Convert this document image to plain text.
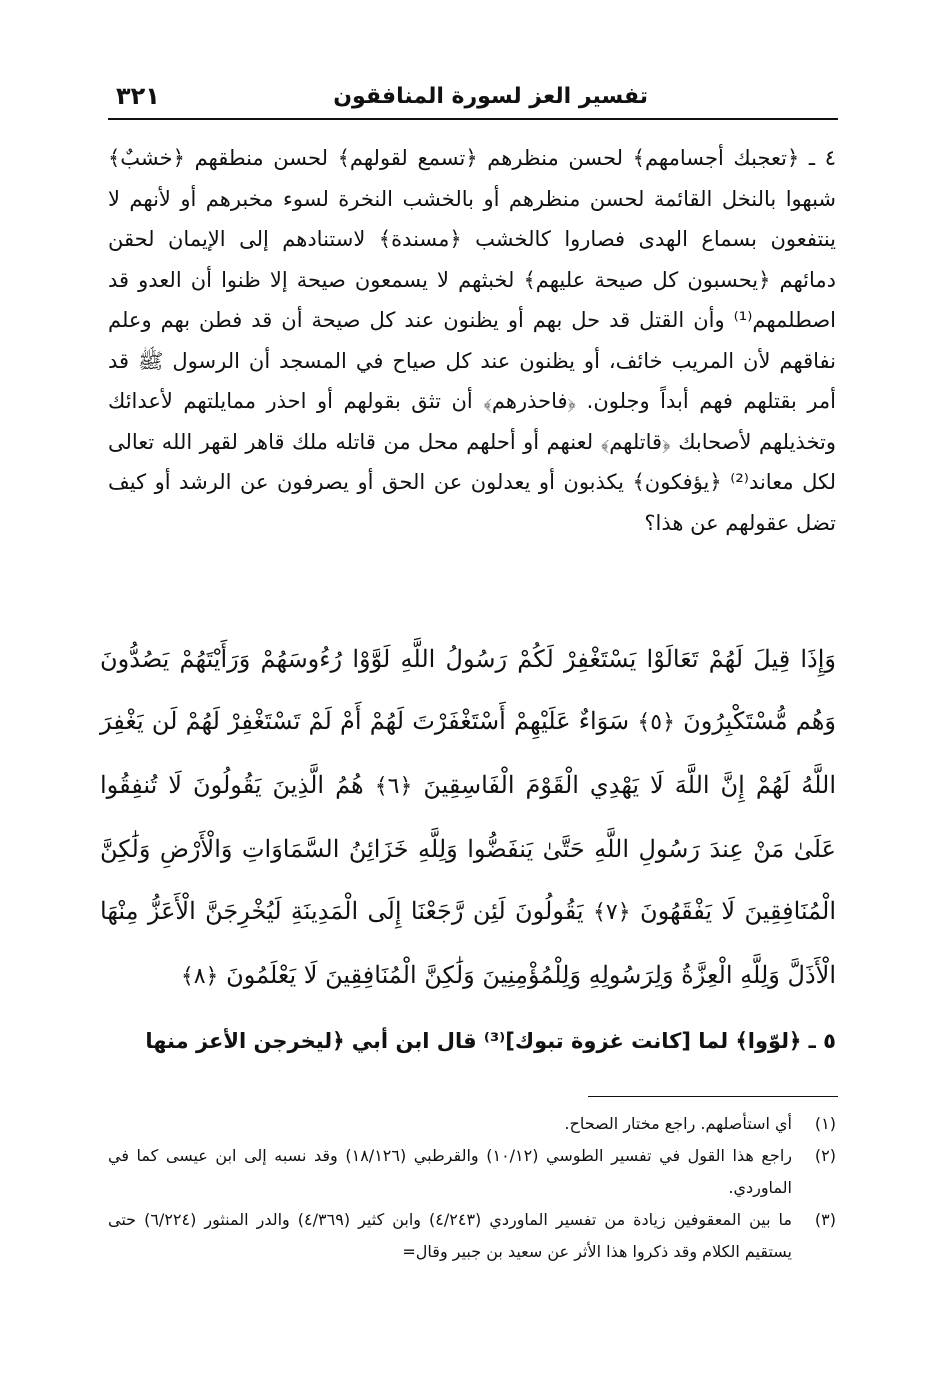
تفسير العز لسورة المنافقون
٣٢١

٤ ـ ﴿تعجبك أجسامهم﴾ لحسن منظرهم ﴿تسمع لقولهم﴾ لحسن منطقهم ﴿خشبٌ﴾ شبهوا بالنخل القائمة لحسن منظرهم أو بالخشب النخرة لسوء مخبرهم أو لأنهم لا ينتفعون بسماع الهدى فصاروا كالخشب ﴿مسندة﴾ لاستنادهم إلى الإيمان لحقن دمائهم ﴿يحسبون كل صيحة عليهم﴾ لخبثهم لا يسمعون صيحة إلا ظنوا أن العدو قد اصطلمهم⁽¹⁾ وأن القتل قد حل بهم أو يظنون عند كل صيحة أن قد فطن بهم وعلم نفاقهم لأن المريب خائف، أو يظنون عند كل صياح في المسجد أن الرسول ﷺ قد أمر بقتلهم فهم أبداً وجلون. ﴿فاحذرهم﴾ أن تثق بقولهم أو احذر ممايلتهم لأعدائك وتخذيلهم لأصحابك ﴿قاتلهم﴾ لعنهم أو أحلهم محل من قاتله ملك قاهر لقهر الله تعالى لكل معاند⁽²⁾ ﴿يؤفكون﴾ يكذبون أو يعدلون عن الحق أو يصرفون عن الرشد أو كيف تضل عقولهم عن هذا؟

وَإِذَا قِيلَ لَهُمْ تَعَالَوْا يَسْتَغْفِرْ لَكُمْ رَسُولُ اللَّهِ لَوَّوْا رُءُوسَهُمْ وَرَأَيْتَهُمْ يَصُدُّونَ وَهُم مُّسْتَكْبِرُونَ ﴿٥﴾ سَوَاءٌ عَلَيْهِمْ أَسْتَغْفَرْتَ لَهُمْ أَمْ لَمْ تَسْتَغْفِرْ لَهُمْ لَن يَغْفِرَ اللَّهُ لَهُمْ إِنَّ اللَّهَ لَا يَهْدِي الْقَوْمَ الْفَاسِقِينَ ﴿٦﴾ هُمُ الَّذِينَ يَقُولُونَ لَا تُنفِقُوا عَلَىٰ مَنْ عِندَ رَسُولِ اللَّهِ حَتَّىٰ يَنفَضُّوا وَلِلَّهِ خَزَائِنُ السَّمَاوَاتِ وَالْأَرْضِ وَلَٰكِنَّ الْمُنَافِقِينَ لَا يَفْقَهُونَ ﴿٧﴾ يَقُولُونَ لَئِن رَّجَعْنَا إِلَى الْمَدِينَةِ لَيُخْرِجَنَّ الْأَعَزُّ مِنْهَا الْأَذَلَّ وَلِلَّهِ الْعِزَّةُ وَلِرَسُولِهِ وَلِلْمُؤْمِنِينَ وَلَٰكِنَّ الْمُنَافِقِينَ لَا يَعْلَمُونَ ﴿٨﴾
٥ ـ ﴿لوّوا﴾ لما [كانت غزوة تبوك]⁽³⁾ قال ابن أبي ﴿ليخرجن الأعز منها
(١)
أي استأصلهم. راجع مختار الصحاح.
(٢)
راجع هذا القول في تفسير الطوسي (١٠/١٢) والقرطبي (١٨/١٢٦) وقد نسبه إلى ابن عيسى كما في الماوردي.
(٣)
ما بين المعقوفين زيادة من تفسير الماوردي (٤/٢٤٣) وابن كثير (٤/٣٦٩) والدر المنثور (٦/٢٢٤) حتى يستقيم الكلام وقد ذكروا هذا الأثر عن سعيد بن جبير وقال=
